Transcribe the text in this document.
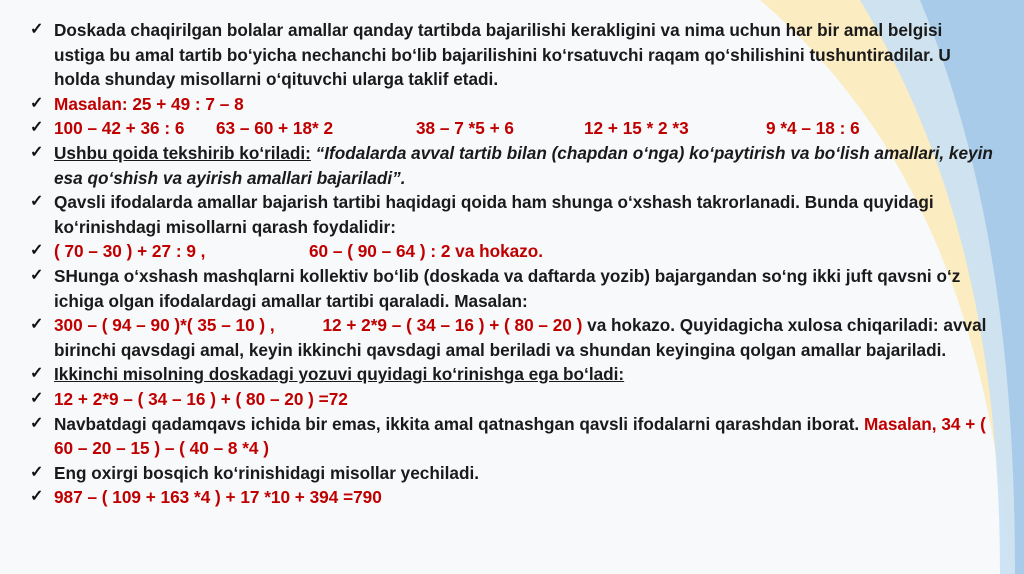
✓ Doskada chaqirilgan bolalar amallar qanday tartibda bajarilishi kerakligini va nima uchun har bir amal belgisi ustiga bu amal tartib bo‘yicha nechanchi bo‘lib bajarilishini ko‘rsatuvchi raqam qo‘shilishini tushuntiradilar. U holda shunday misollarni o‘qituvchi ularga taklif etadi.
✓ Masalan: 25 + 49 : 7 – 8
✓ 100 – 42 + 36 : 6	63 – 60 + 18* 2	38 – 7 *5 + 6	12 + 15 * 2 *3	9 *4 – 18 : 6
✓ Ushbu qoida tekshirib ko‘riladi: “Ifodalarda avval tartib bilan (chapdan o‘nga) ko‘paytirish va bo‘lish amallari, keyin esa qo‘shish va ayirish amallari bajariladi”.
✓ Qavsli ifodalarda amallar bajarish tartibi haqidagi qoida ham shunga o‘xshash takrorlanadi. Bunda quyidagi ko‘rinishdagi misollarni qarash foydalidir:
✓ ( 70 – 30 ) + 27 : 9 ,	60 – ( 90 – 64 ) : 2 va hokazo.
✓ SHunga o‘xshash mashqlarni kollektiv bo‘lib (doskada va daftarda yozib) bajargandan so‘ng ikki juft qavsni o‘z ichiga olgan ifodalardagi amallar tartibi qaraladi. Masalan:
✓ 300 – ( 94 – 90 )*( 35 – 10 ) ,          12 + 2*9 – ( 34 – 16 ) + ( 80 – 20 ) va hokazo. Quyidagicha xulosa chiqariladi: avval birinchi qavsdagi amal, keyin ikkinchi qavsdagi amal beriladi va shundan keyingina qolgan amallar bajariladi.
✓ Ikkinchi misolning doskadagi yozuvi quyidagi ko‘rinishga ega bo‘ladi:
✓ 12 + 2*9 – ( 34 – 16 ) + ( 80 – 20 ) =72
✓ Navbatdagi qadamqavs ichida bir emas, ikkita amal qatnashgan qavsli ifodalarni qarashdan iborat. Masalan, 34 + ( 60 – 20 – 15 ) – ( 40 – 8 *4 )
✓ Eng oxirgi bosqich ko‘rinishidagi misollar yechiladi.
✓ 987 – ( 109 + 163 *4 ) + 17 *10 + 394 =790
